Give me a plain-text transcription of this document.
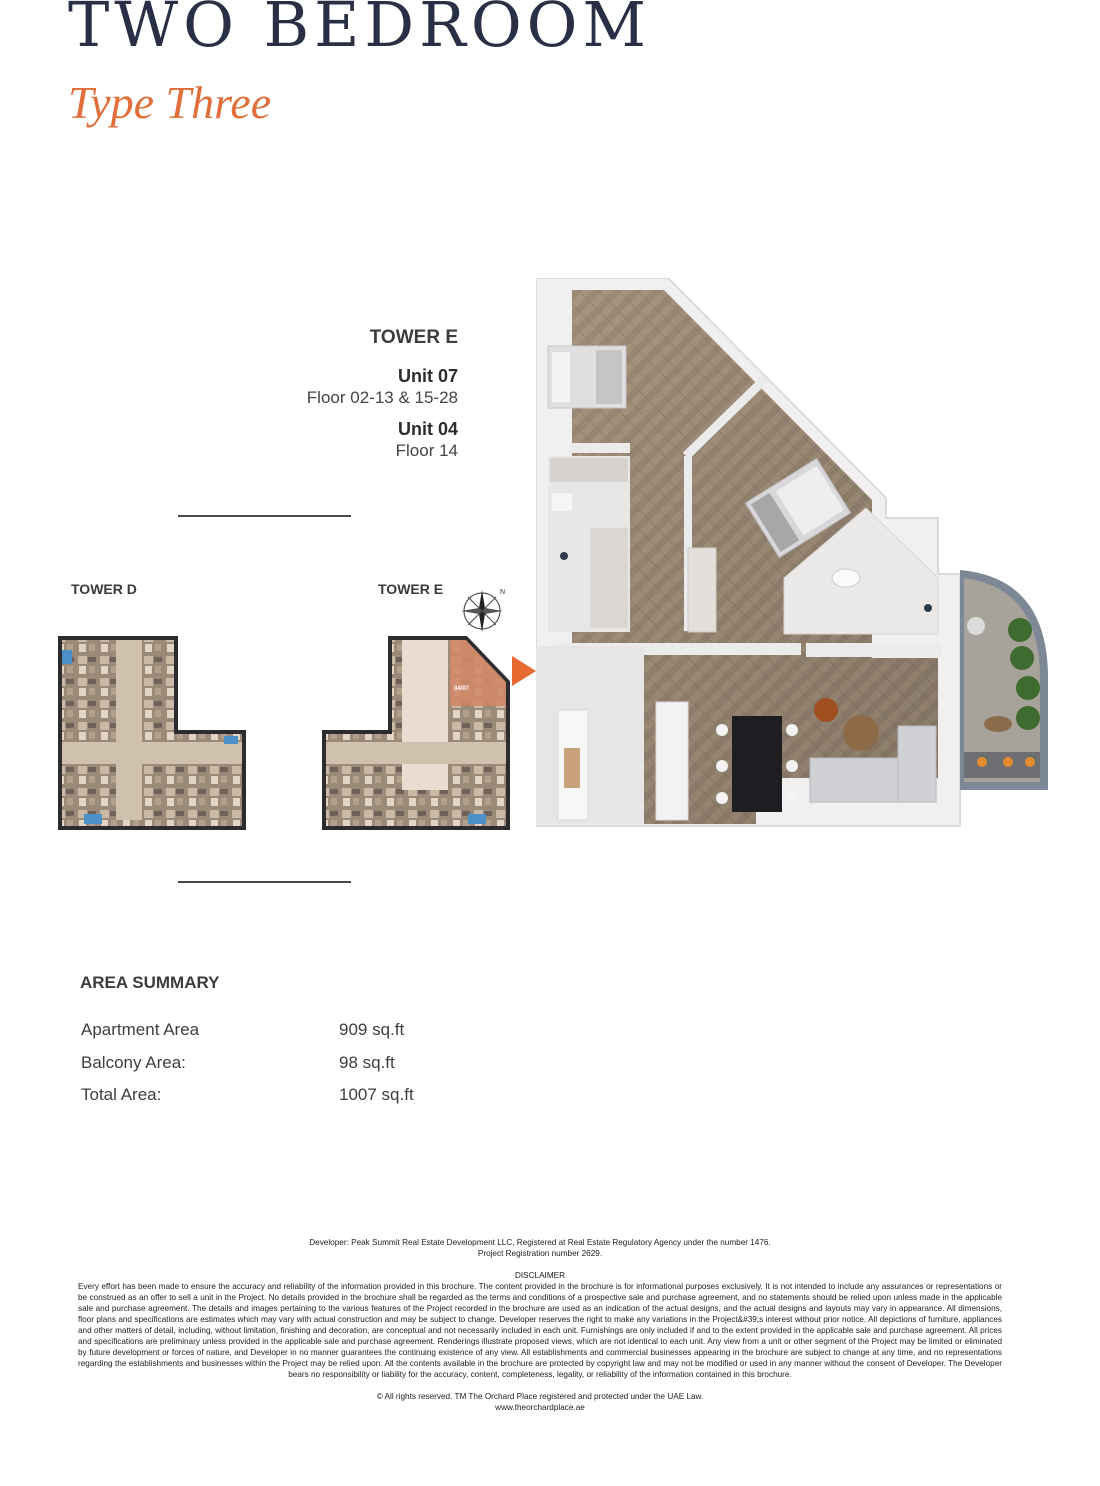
TWO BEDROOM
Type Three
TOWER E
Unit 07
Floor 02-13 & 15-28
Unit 04
Floor 14
TOWER D	TOWER E
04/07
N
AREA SUMMARY
Apartment Area	909 sq.ft
Balcony Area:	98 sq.ft
Total Area:	1007 sq.ft

Developer: Peak Summit Real Estate Development LLC, Registered at Real Estate Regulatory Agency under the number 1476.

Project Registration number 2629.

DISCLAIMER

Every effort has been made to ensure the accuracy and reliability of the information provided in this brochure. The content provided in the brochure is for informational purposes exclusively. It is not intended to include any assurances or representations or be construed as an offer to sell a unit in the Project. No details provided in the brochure shall be regarded as the terms and conditions of a prospective sale and purchase agreement, and no statements should be relied upon unless made in the applicable sale and purchase agreement. The details and images pertaining to the various features of the Project recorded in the brochure are used as an indication of the actual designs, and the actual designs and layouts may vary in appearance. All dimensions, floor plans and specifications are estimates which may vary with actual construction and may be subject to change. Developer reserves the right to make any variations in the Project&#39;s interest without prior notice. All depictions of furniture, appliances and other matters of detail, including, without limitation, finishing and decoration, are conceptual and not necessarily included in each unit. Furnishings are only included if and to the extent provided in the applicable sale and purchase agreement. All prices and specifications are preliminary unless provided in the applicable sale and purchase agreement. Renderings illustrate proposed views, which are not identical to each unit. Any view from a unit or other segment of the Project may be limited or eliminated by future development or forces of nature, and Developer in no manner guarantees the continuing existence of any view. All establishments and commercial businesses appearing in the brochure are subject to change at any time, and no representations regarding the establishments and businesses within the Project may be relied upon. All the contents available in the brochure are protected by copyright law and may not be modified or used in any manner without the consent of Developer. The Developer bears no responsibility or liability for the accuracy, content, completeness, legality, or reliability of the information contained in this brochure.

© All rights reserved. TM The Orchard Place registered and protected under the UAE Law.

www.theorchardplace.ae
